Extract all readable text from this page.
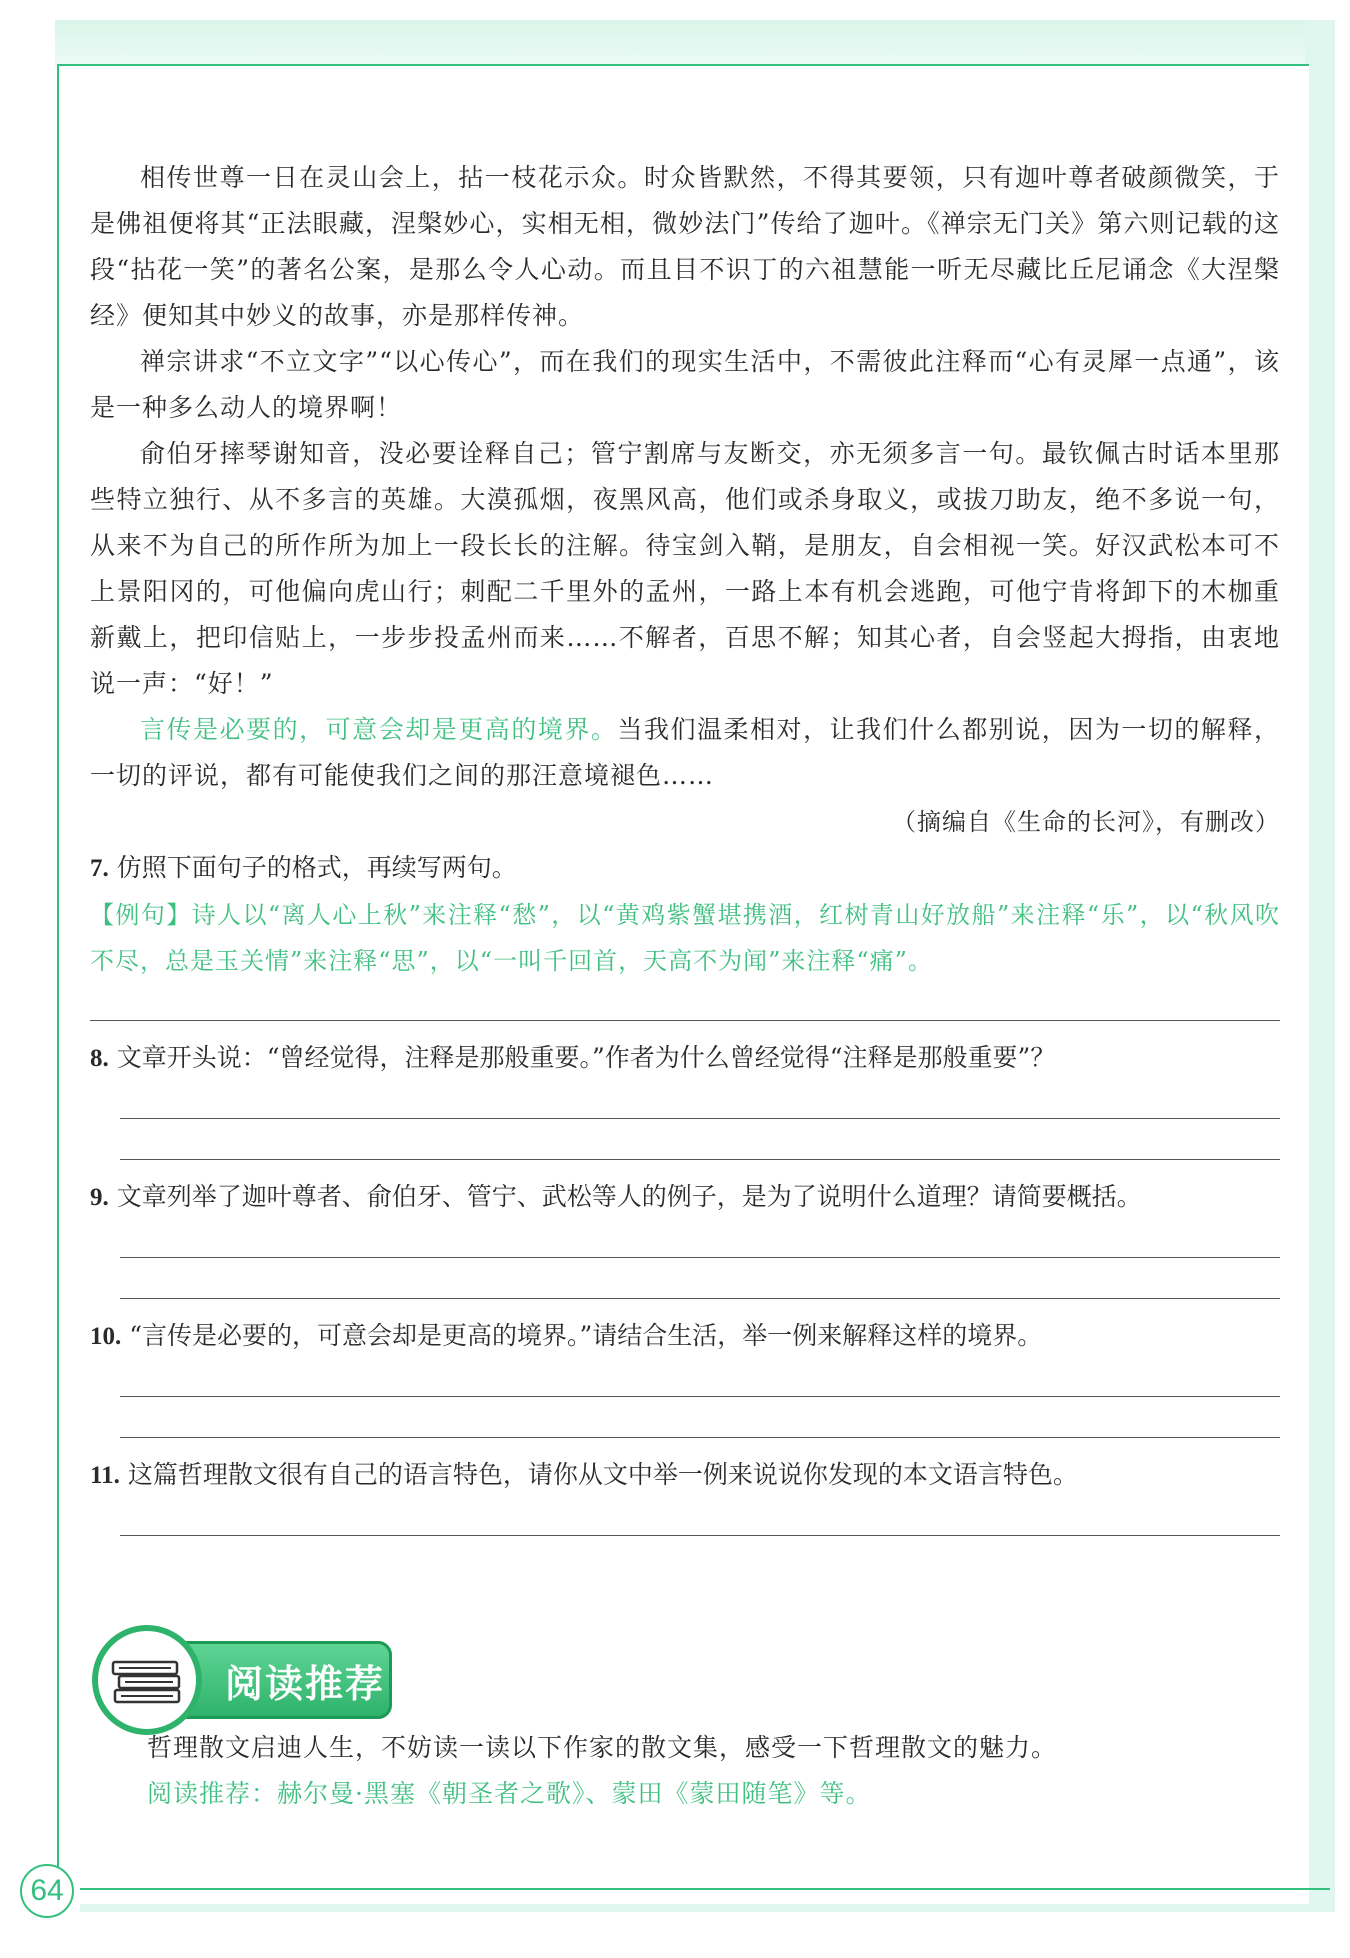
相传世尊一日在灵山会上，拈一枝花示众。时众皆默然，不得其要领，只有迦叶尊者破颜微笑，于是佛祖便将其“正法眼藏，涅槃妙心，实相无相，微妙法门”传给了迦叶。《禅宗无门关》第六则记载的这段“拈花一笑”的著名公案，是那么令人心动。而且目不识丁的六祖慧能一听无尽藏比丘尼诵念《大涅槃经》便知其中妙义的故事，亦是那样传神。

禅宗讲求“不立文字”“以心传心”，而在我们的现实生活中，不需彼此注释而“心有灵犀一点通”，该是一种多么动人的境界啊！

俞伯牙摔琴谢知音，没必要诠释自己；管宁割席与友断交，亦无须多言一句。最钦佩古时话本里那些特立独行、从不多言的英雄。大漠孤烟，夜黑风高，他们或杀身取义，或拔刀助友，绝不多说一句，从来不为自己的所作所为加上一段长长的注解。待宝剑入鞘，是朋友，自会相视一笑。好汉武松本可不上景阳冈的，可他偏向虎山行；刺配二千里外的孟州，一路上本有机会逃跑，可他宁肯将卸下的木枷重新戴上，把印信贴上，一步步投孟州而来……不解者，百思不解；知其心者，自会竖起大拇指，由衷地说一声：“好！”

言传是必要的，可意会却是更高的境界。当我们温柔相对，让我们什么都别说，因为一切的解释，一切的评说，都有可能使我们之间的那汪意境褪色……

（摘编自《生命的长河》，有删改）

7. 仿照下面句子的格式，再续写两句。

【例句】诗人以“离人心上秋”来注释“愁”，以“黄鸡紫蟹堪携酒，红树青山好放船”来注释“乐”，以“秋风吹不尽，总是玉关情”来注释“思”，以“一叫千回首，天高不为闻”来注释“痛”。

8. 文章开头说：“曾经觉得，注释是那般重要。”作者为什么曾经觉得“注释是那般重要”？

9. 文章列举了迦叶尊者、俞伯牙、管宁、武松等人的例子，是为了说明什么道理？请简要概括。

10. “言传是必要的，可意会却是更高的境界。”请结合生活，举一例来解释这样的境界。

11. 这篇哲理散文很有自己的语言特色，请你从文中举一例来说说你发现的本文语言特色。

阅读推荐

哲理散文启迪人生，不妨读一读以下作家的散文集，感受一下哲理散文的魅力。

阅读推荐：赫尔曼·黑塞《朝圣者之歌》、蒙田《蒙田随笔》等。

64
